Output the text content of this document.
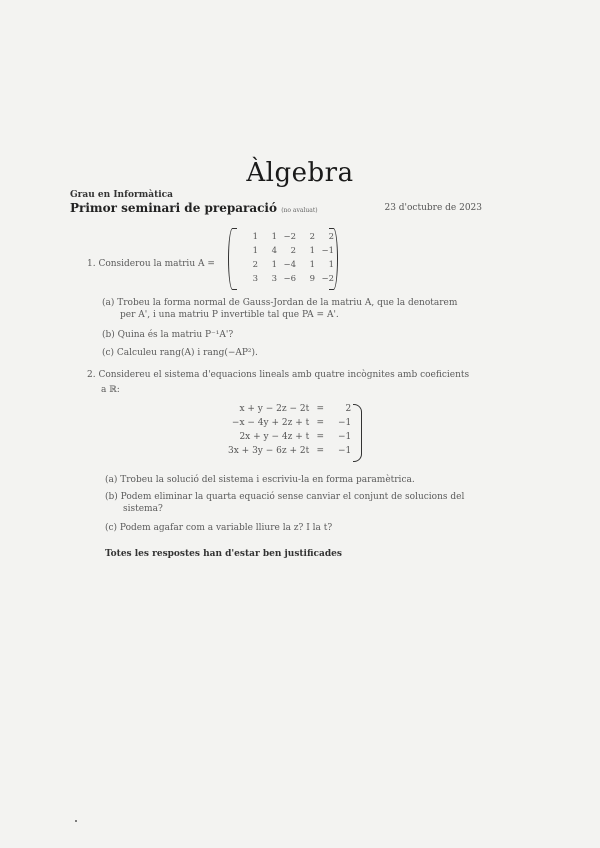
Àlgebra
Grau en Informàtica
Primor seminari de preparació (no avaluat)	23 d'octubre de 2023
1. Considerou la matriu A =
1	1	−2	2	2
1	4	2	1	−1
2	1	−4	1	1
3	3	−6	9	−2
(a) Trobeu la forma normal de Gauss-Jordan de la matriu A, que la denotarem
per A', i una matriu P invertible tal que PA = A'.
(b) Quina és la matriu P⁻¹A'?
(c) Calculeu rang(A) i rang(−AP²).
2. Considereu el sistema d'equacions lineals amb quatre incògnites amb coeficients
a ℝ:
x + y − 2z − 2t	=	2
−x − 4y + 2z + t	=	−1
2x + y − 4z + t	=	−1
3x + 3y − 6z + 2t	=	−1
(a) Trobeu la solució del sistema i escriviu-la en forma paramètrica.
(b) Podem eliminar la quarta equació sense canviar el conjunt de solucions del
sistema?
(c) Podem agafar com a variable lliure la z? I la t?
Totes les respostes han d'estar ben justificades
